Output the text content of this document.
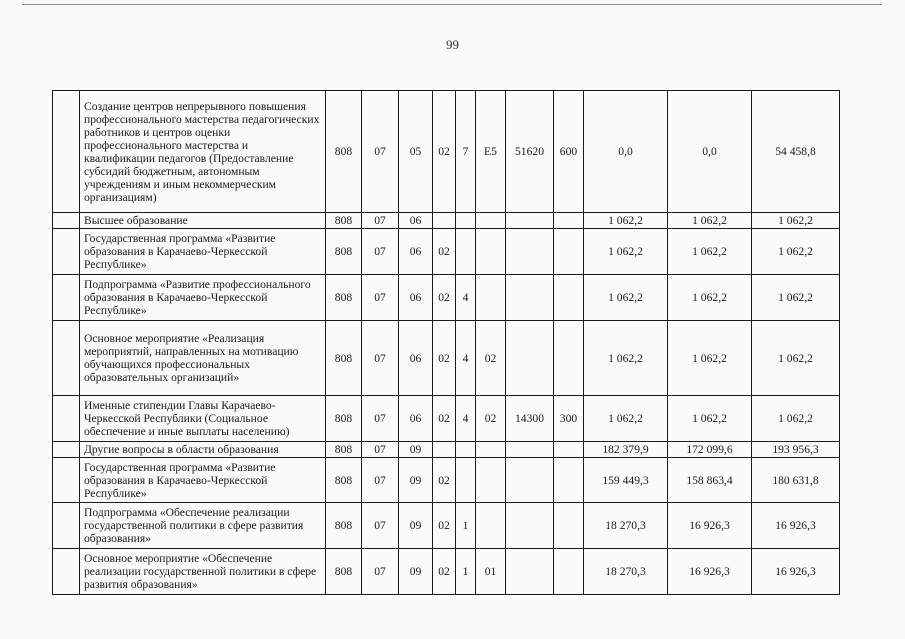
99
	Создание центров непрерывного повышения профессионального мастерства педагогических работников и центров оценки профессионального мастерства и квалификации педагогов (Предоставление субсидий бюджетным, автономным учреждениям и иным некоммерческим организациям)	808	07	05	02	7	E5	51620	600	0,0	0,0	54 458,8
	Высшее образование	808	07	06						1 062,2	1 062,2	1 062,2
	Государственная программа «Развитие образования в Карачаево-Черкесской Республике»	808	07	06	02					1 062,2	1 062,2	1 062,2
	Подпрограмма «Развитие профессионального образования в Карачаево-Черкесской Республике»	808	07	06	02	4				1 062,2	1 062,2	1 062,2
	Основное мероприятие «Реализация мероприятий, направленных на мотивацию обучающихся профессиональных образовательных организаций»	808	07	06	02	4	02			1 062,2	1 062,2	1 062,2
	Именные стипендии Главы Карачаево-Черкесской Республики (Социальное обеспечение и иные выплаты населению)	808	07	06	02	4	02	14300	300	1 062,2	1 062,2	1 062,2
	Другие вопросы в области образования	808	07	09						182 379,9	172 099,6	193 956,3
	Государственная программа «Развитие образования в Карачаево-Черкесской Республике»	808	07	09	02					159 449,3	158 863,4	180 631,8
	Подпрограмма «Обеспечение реализации государственной политики в сфере развития образования»	808	07	09	02	1				18 270,3	16 926,3	16 926,3
	Основное мероприятие «Обеспечение реализации государственной политики в сфере развития образования»	808	07	09	02	1	01			18 270,3	16 926,3	16 926,3
